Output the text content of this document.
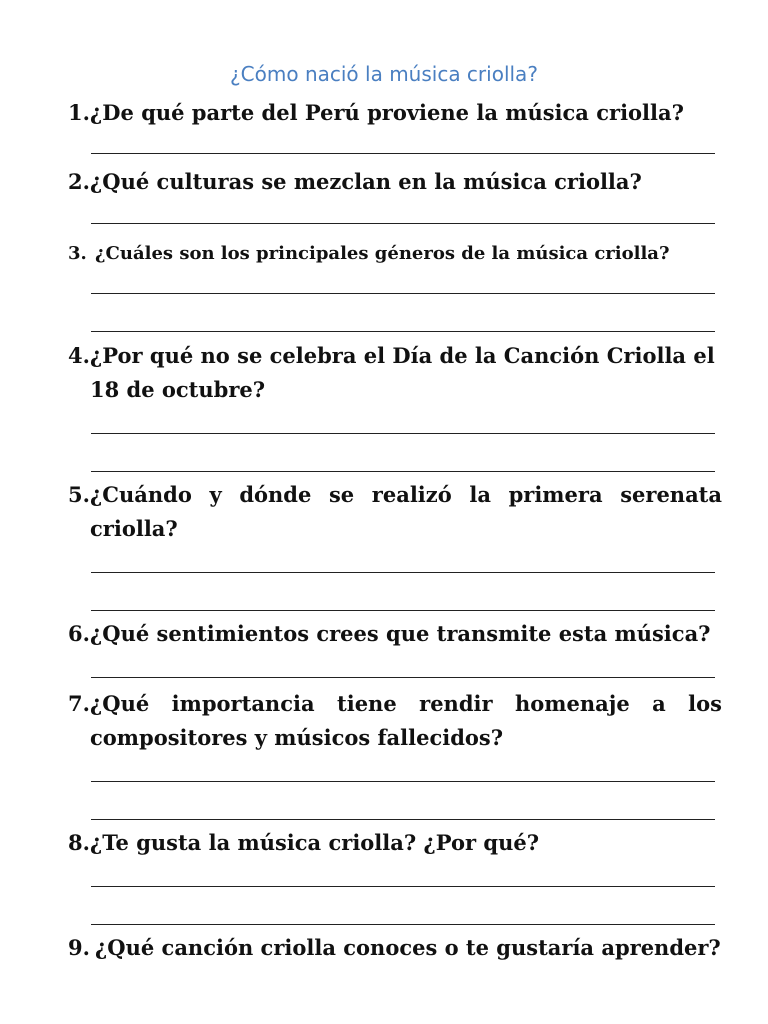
¿Cómo nació la música criolla?
1. ¿De qué parte del Perú proviene la música criolla?
2. ¿Qué culturas se mezclan en la música criolla?
3. ¿Cuáles son los principales géneros de la música criolla?
4. ¿Por qué no se celebra el Día de la Canción Criolla el 18 de octubre?
5. ¿Cuándo y dónde se realizó la primera serenata criolla?
6. ¿Qué sentimientos crees que transmite esta música?
7. ¿Qué importancia tiene rendir homenaje a los compositores y músicos fallecidos?
8. ¿Te gusta la música criolla? ¿Por qué?
9. ¿Qué canción criolla conoces o te gustaría aprender?
